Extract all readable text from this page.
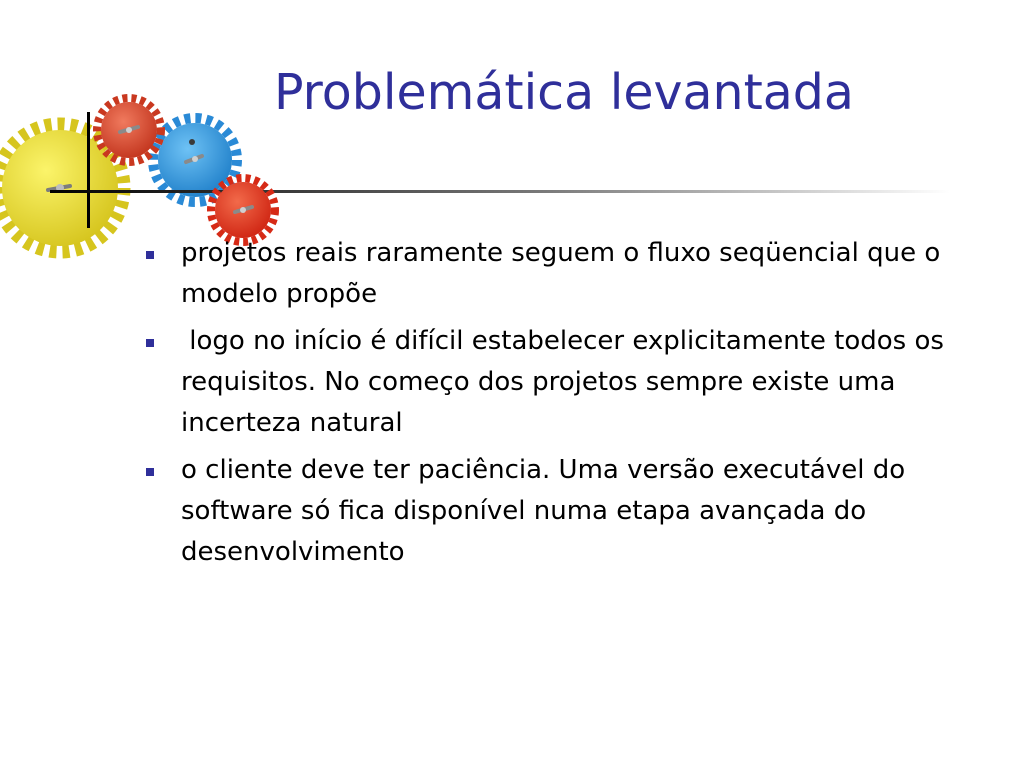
Problemática levantada
projetos reais raramente seguem o fluxo seqüencial que o modelo propõe
logo no início é difícil estabelecer explicitamente todos os requisitos. No começo dos projetos sempre existe uma incerteza natural
o cliente deve ter paciência. Uma versão executável do software só fica disponível numa etapa avançada do desenvolvimento
